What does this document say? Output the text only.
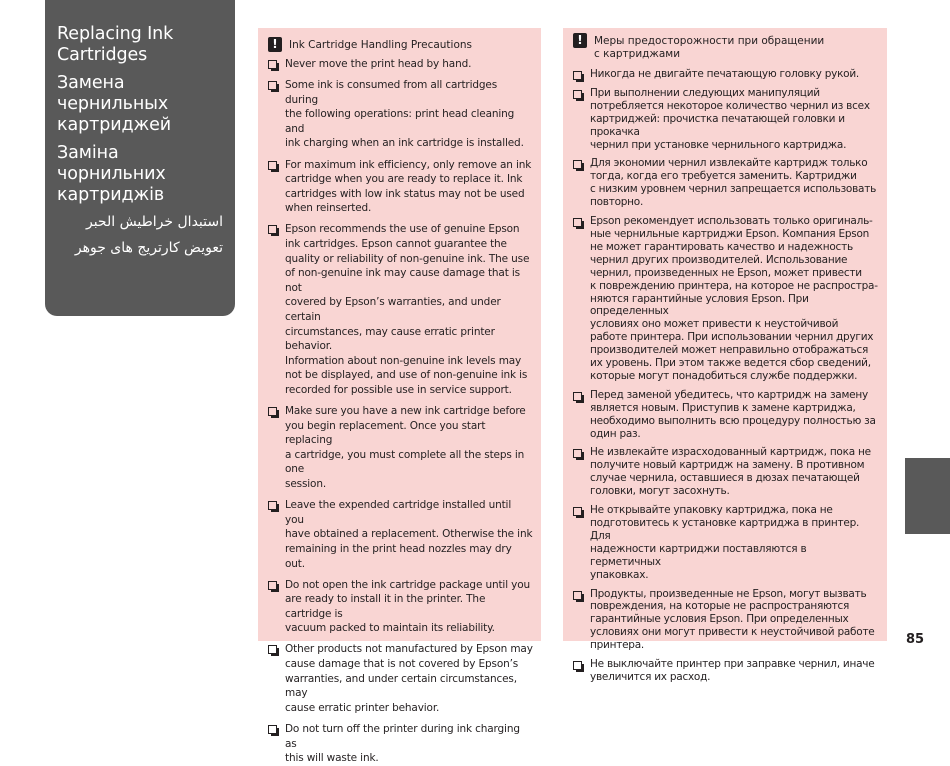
Replacing Ink
Cartridges
Замена чернильных
картриджей
Заміна чорнильних
картриджів
استبدال خراطيش الحبر
تعويض کارتریج های جوهر
!	Ink Cartridge Handling Precautions
Never move the print head by hand.
Some ink is consumed from all cartridges during
the following operations: print head cleaning and
ink charging when an ink cartridge is installed.
For maximum ink efficiency, only remove an ink
cartridge when you are ready to replace it. Ink
cartridges with low ink status may not be used
when reinserted.
Epson recommends the use of genuine Epson
ink cartridges. Epson cannot guarantee the
quality or reliability of non-genuine ink. The use
of non-genuine ink may cause damage that is not
covered by Epson’s warranties, and under certain
circumstances, may cause erratic printer behavior.
Information about non-genuine ink levels may
not be displayed, and use of non-genuine ink is
recorded for possible use in service support.
Make sure you have a new ink cartridge before
you begin replacement. Once you start replacing
a cartridge, you must complete all the steps in one
session.
Leave the expended cartridge installed until you
have obtained a replacement. Otherwise the ink
remaining in the print head nozzles may dry out.
Do not open the ink cartridge package until you
are ready to install it in the printer. The cartridge is
vacuum packed to maintain its reliability.
Other products not manufactured by Epson may
cause damage that is not covered by Epson’s
warranties, and under certain circumstances, may
cause erratic printer behavior.
Do not turn off the printer during ink charging as
this will waste ink.
!	Меры предосторожности при обращении
с картриджами
Никогда не двигайте печатающую головку рукой.
При выполнении следующих манипуляций
потребляется некоторое количество чернил из всех
картриджей: прочистка печатающей головки и прокачка
чернил при установке чернильного картриджа.
Для экономии чернил извлекайте картридж только
тогда, когда его требуется заменить. Картриджи
с низким уровнем чернил запрещается использовать
повторно.
Epson рекомендует использовать только оригиналь-
ные чернильные картриджи Epson. Компания Epson
не может гарантировать качество и надежность
чернил других производителей. Использование
чернил, произведенных не Epson, может привести
к повреждению принтера, на которое не распростра-
няются гарантийные условия Epson. При определенных
условиях оно может привести к неустойчивой
работе принтера. При использовании чернил других
производителей может неправильно отображаться
их уровень. При этом также ведется сбор сведений,
которые могут понадобиться службе поддержки.
Перед заменой убедитесь, что картридж на замену
является новым. Приступив к замене картриджа,
необходимо выполнить всю процедуру полностью за
один раз.
Не извлекайте израсходованный картридж, пока не
получите новый картридж на замену. В противном
случае чернила, оставшиеся в дюзах печатающей
головки, могут засохнуть.
Не открывайте упаковку картриджа, пока не
подготовитесь к установке картриджа в принтер. Для
надежности картриджи поставляются в герметичных
упаковках.
Продукты, произведенные не Epson, могут вызвать
повреждения, на которые не распространяются
гарантийные условия Epson. При определенных
условиях они могут привести к неустойчивой работе
принтера.
Не выключайте принтер при заправке чернил, иначе
увеличится их расход.
85
